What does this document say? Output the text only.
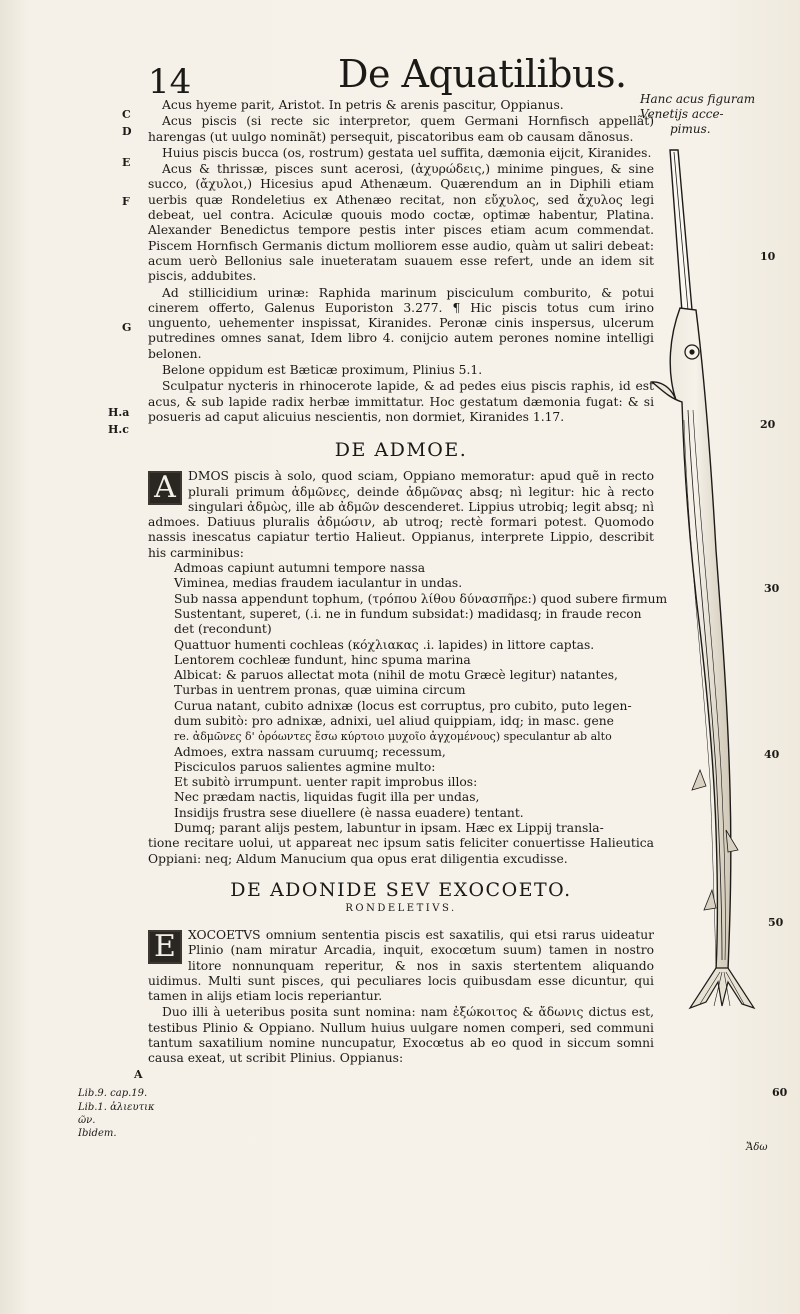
14	De Aquatilibus.
Hanc acus figuram
Venetijs acce-
pimus.
10
20
30
40
50
60
C
D
E
F
G
H.a
H.c

Acus hyeme parit, Aristot. In petris & arenis pascitur, Oppianus.

Acus piscis (si recte sic interpretor, quem Germani Hornfisch appellãt) harengas (ut uulgo nominãt) persequit, piscatoribus eam ob causam dãnosus.

Huius piscis bucca (os, rostrum) gestata uel suffita, dæmonia eijcit, Kiranides.

Acus & thrissæ, pisces sunt acerosi, (ἀχυρώδεις,) minime pingues, & sine succo, (ἄχυλοι,) Hicesius apud Athenæum. Quærendum an in Diphili etiam uerbis quæ Rondeletius ex Athenæo recitat, non εὔχυλος, sed ἄχυλος legi debeat, uel contra. Aciculæ quouis modo coctæ, optimæ habentur, Platina. Alexander Benedictus tempore pestis inter pisces etiam acum commendat. Piscem Hornfisch Germanis dictum molliorem esse audio, quàm ut saliri debeat: acum uerò Bellonius sale inueteratam suauem esse refert, unde an idem sit piscis, addubites.

Ad stillicidium urinæ: Raphida marinum pisciculum comburito, & potui cinerem offerto, Galenus Euporiston 3.277. ¶ Hic piscis totus cum irino unguento, uehementer inspissat, Kiranides. Peronæ cinis inspersus, ulcerum putredines omnes sanat, Idem libro 4. conijcio autem perones nomine intelligi belonen.

Belone oppidum est Bæticæ proximum, Plinius 5.1.

Sculpatur nycteris in rhinocerote lapide, & ad pedes eius piscis raphis, id est acus, & sub lapide radix herbæ immittatur. Hoc gestatum dæmonia fugat: & si posueris ad caput alicuius nescientis, non dormiet, Kiranides 1.17.

DE ADMOE.
A DMOS piscis à solo, quod sciam, Oppiano memoratur: apud quẽ in recto plurali primum ἀδμῶνες, deinde ἀδμῶνας absq; nì legitur: hic à recto singulari ἀδμὼς, ille ab ἀδμῶν descenderet. Lippius utrobiq; legit absq; nì admoes. Datiuus pluralis ἀδμώσιν, ab utroq; rectè formari potest. Quomodo nassis inescatus capiatur tertio Halieut. Oppianus, interprete Lippio, describit his carminibus:

Admoas capiunt autumni tempore nassa
Viminea, medias fraudem iaculantur in undas.
Sub nassa appendunt tophum, (τρόπου λίθου δύνασπῆρε:) quod subere firmum
Sustentant, superet, (.i. ne in fundum subsidat:) madidasq; in fraude recon
det (recondunt)
Quattuor humenti cochleas (κόχλιακας .i. lapides) in littore captas.
Lentorem cochleæ fundunt, hinc spuma marina
Albicat: & paruos allectat mota (nihil de motu Græcè legitur) natantes,
Turbas in uentrem pronas, quæ uimina circum
Curua natant, cubito adnixæ (locus est corruptus, pro cubito, puto legen-
dum subitò: pro adnixæ, adnixi, uel aliud quippiam, idq; in masc. gene
re. ἀδμῶνες δ' ὀρόωντες ἔσω κύρτοιο μυχοῖο ἀγχομένους) speculantur ab alto
Admoes, extra nassam curuumq; recessum,
Pisciculos paruos salientes agmine multo:
Et subitò irrumpunt. uenter rapit improbus illos:
Nec prædam nactis, liquidas fugit illa per undas,
Insidijs frustra sese diuellere (è nassa euadere) tentant.
Dumq; parant alijs pestem, labuntur in ipsam. Hæc ex Lippij transla-

tione recitare uolui, ut appareat nec ipsum satis feliciter conuertisse Halieutica Oppiani: neq; Aldum Manucium qua opus erat diligentia excudisse.

DE ADONIDE SEV EXOCOETO.
RONDELETIVS.
E XOCOETVS omnium sententia piscis est saxatilis, qui etsi rarus uideatur Plinio (nam miratur Arcadia, inquit, exocœtum suum) tamen in nostro litore nonnunquam reperitur, & nos in saxis stertentem aliquando uidimus. Multi sunt pisces, qui peculiares locis quibusdam esse dicuntur, qui tamen in alijs etiam locis reperiantur.

Duo illi à ueteribus posita sunt nomina: nam ἐξώκοιτος & ἄδωνις dictus est, testibus Plinio & Oppiano. Nullum huius uulgare nomen comperi, sed communi tantum saxatilium nomine nuncupatur, Exocœtus ab eo quod in siccum somni causa exeat, ut scribit Plinius. Oppianus:

A
Lib.9. cap.19.
Lib.1. ἁλιευτικ
ῶν.
Ibidem.
Ἄδω
